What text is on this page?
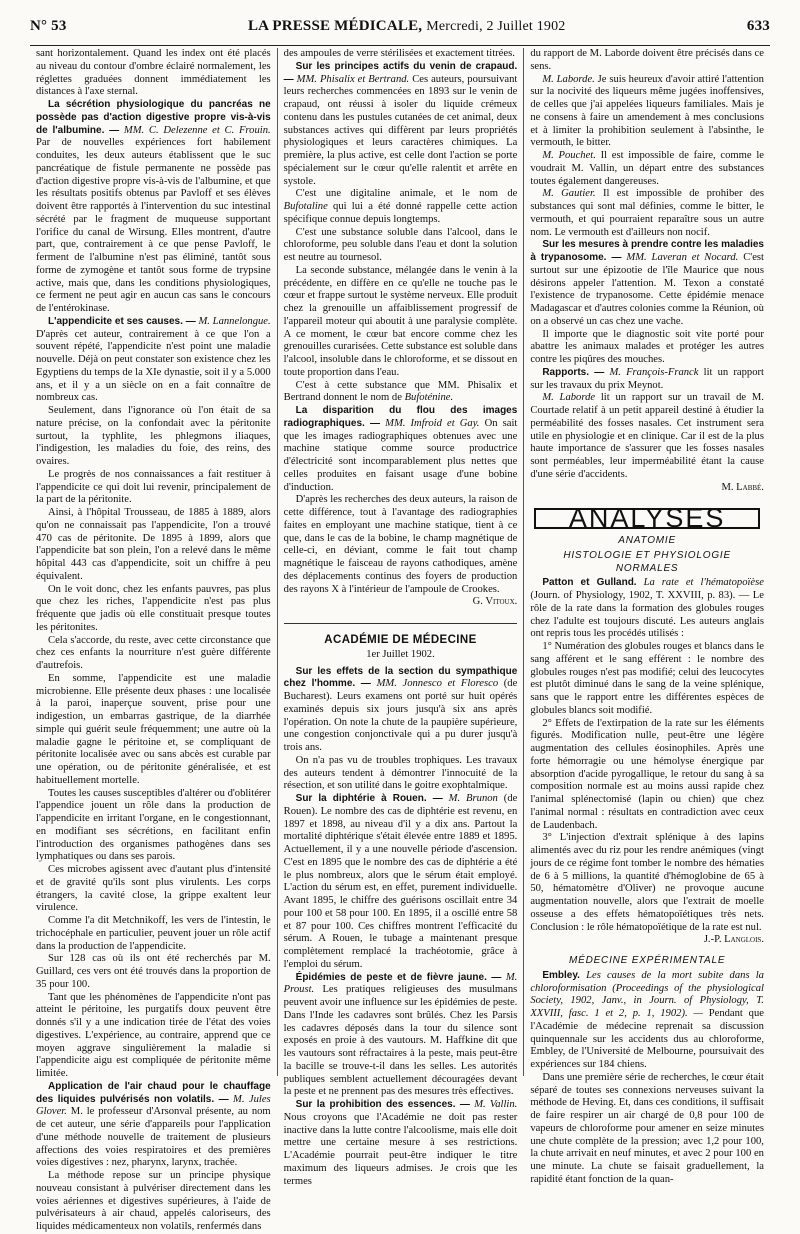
N° 53	LA PRESSE MÉDICALE, Mercredi, 2 Juillet 1902	633

sant horizontalement. Quand les index ont été placés au niveau du contour d'ombre éclairé normalement, les réglettes graduées donnent immédiatement les distances à l'axe sternal.

La sécrétion physiologique du pancréas ne possède pas d'action digestive propre vis-à-vis de l'albumine. — MM. C. Delezenne et C. Frouin. Par de nouvelles expériences fort habilement conduites, les deux auteurs établissent que le suc pancréatique de fistule permanente ne possède pas d'action digestive propre vis-à-vis de l'albumine, et que les résultats positifs obtenus par Pavloff et ses élèves doivent être rapportés à l'intervention du suc intestinal sécrété par le fragment de muqueuse supportant l'orifice du canal de Wirsung. Elles montrent, d'autre part, que, contrairement à ce que pense Pavloff, le ferment de l'albumine n'est pas éliminé, tantôt sous forme de zymogène et tantôt sous forme de trypsine active, mais que, dans les conditions physiologiques, ce ferment ne peut agir en aucun cas sans le concours de l'entérokinase.

L'appendicite et ses causes. — M. Lannelongue. D'après cet auteur, contrairement à ce que l'on a souvent répété, l'appendicite n'est point une maladie nouvelle. Déjà on peut constater son existence chez les Egyptiens du temps de la XIe dynastie, soit il y a 5.000 ans, et il y a un siècle on en a fait connaître de nombreux cas.

Seulement, dans l'ignorance où l'on était de sa nature précise, on la confondait avec la péritonite surtout, la typhlite, les phlegmons iliaques, l'indigestion, les maladies du foie, des reins, des ovaires.

Le progrès de nos connaissances a fait restituer à l'appendicite ce qui doit lui revenir, principalement de la part de la péritonite.

Ainsi, à l'hôpital Trousseau, de 1885 à 1889, alors qu'on ne connaissait pas l'appendicite, l'on a trouvé 470 cas de péritonite. De 1895 à 1899, alors que l'appendicite bat son plein, l'on a relevé dans le même hôpital 443 cas d'appendicite, soit un chiffre à peu équivalent.

On le voit donc, chez les enfants pauvres, pas plus que chez les riches, l'appendicite n'est pas plus fréquente que jadis où elle constituait presque toutes les péritonites.

Cela s'accorde, du reste, avec cette circonstance que chez ces enfants la nourriture n'est guère différente d'autrefois.

En somme, l'appendicite est une maladie microbienne. Elle présente deux phases : une localisée à la paroi, inaperçue souvent, prise pour une indigestion, un embarras gastrique, de la diarrhée simple qui guérit seule fréquemment; une autre où la maladie gagne le péritoine et, se compliquant de péritonite localisée avec ou sans abcès est curable par une opération, ou de péritonite généralisée, et est habituellement mortelle.

Toutes les causes susceptibles d'altérer ou d'oblitérer l'appendice jouent un rôle dans la production de l'appendicite en irritant l'organe, en le congestionnant, en modifiant ses sécrétions, en facilitant enfin l'introduction des organismes pathogènes dans ses lymphatiques ou dans ses parois.

Ces microbes agissent avec d'autant plus d'intensité et de gravité qu'ils sont plus virulents. Les corps étrangers, la cavité close, la grippe exaltent leur virulence.

Comme l'a dit Metchnikoff, les vers de l'intestin, le trichocéphale en particulier, peuvent jouer un rôle actif dans la production de l'appendicite.

Sur 128 cas où ils ont été recherchés par M. Guillard, ces vers ont été trouvés dans la proportion de 35 pour 100.

Tant que les phénomènes de l'appendicite n'ont pas atteint le péritoine, les purgatifs doux peuvent être donnés s'il y a une indication tirée de l'état des voies digestives. L'expérience, au contraire, apprend que ce moyen aggrave singulièrement la maladie si l'appendicite aigu est compliquée de péritonite même limitée.

Application de l'air chaud pour le chauffage des liquides pulvérisés non volatils. — M. Jules Glover. M. le professeur d'Arsonval présente, au nom de cet auteur, une série d'appareils pour l'application d'une méthode nouvelle de traitement de plusieurs affections des voies respiratoires et des premières voies digestives : nez, pharynx, larynx, trachée.

La méthode repose sur un principe physique nouveau consistant à pulvériser directement dans les voies aériennes et digestives supérieures, à l'aide de pulvérisateurs à air chaud, appelés caloriseurs, des liquides médicamenteux non volatils, renfermés dans

des ampoules de verre stérilisées et exactement titrées.

Sur les principes actifs du venin de crapaud. — MM. Phisalix et Bertrand. Ces auteurs, poursuivant leurs recherches commencées en 1893 sur le venin de crapaud, ont réussi à isoler du liquide crémeux contenu dans les pustules cutanées de cet animal, deux substances actives qui diffèrent par leurs propriétés physiologiques et leurs caractères chimiques. La première, la plus active, est celle dont l'action se porte spécialement sur le cœur qu'elle ralentit et arrête en systole.

C'est une digitaline animale, et le nom de Bufotaline qui lui a été donné rappelle cette action spécifique connue depuis longtemps.

C'est une substance soluble dans l'alcool, dans le chloroforme, peu soluble dans l'eau et dont la solution est neutre au tournesol.

La seconde substance, mélangée dans le venin à la précédente, en diffère en ce qu'elle ne touche pas le cœur et frappe surtout le système nerveux. Elle produit chez la grenouille un affaiblissement progressif de l'appareil moteur qui aboutit à une paralysie complète. A ce moment, le cœur bat encore comme chez les grenouilles curarisées. Cette substance est soluble dans l'alcool, insoluble dans le chloroforme, et se dissout en toute proportion dans l'eau.

C'est à cette substance que MM. Phisalix et Bertrand donnent le nom de Bufoténine.

La disparition du flou des images radiographiques. — MM. Imfroid et Gay. On sait que les images radiographiques obtenues avec une machine statique comme source productrice d'électricité sont incomparablement plus nettes que celles produites en faisant usage d'une bobine d'induction.

D'après les recherches des deux auteurs, la raison de cette différence, tout à l'avantage des radiographies faites en employant une machine statique, tient à ce que, dans le cas de la bobine, le champ magnétique de celle-ci, en déviant, comme le fait tout champ magnétique le faisceau de rayons cathodiques, amène des déplacements continus des foyers de production des rayons X à l'intérieur de l'ampoule de Crookes.

G. Vitoux.

ACADÉMIE DE MÉDECINE

1er Juillet 1902.

Sur les effets de la section du sympathique chez l'homme. — MM. Jonnesco et Floresco (de Bucharest). Leurs examens ont porté sur huit opérés examinés depuis six jours jusqu'à six ans après l'opération. On note la chute de la paupière supérieure, une congestion conjonctivale qui a pu durer jusqu'à trois ans.

On n'a pas vu de troubles trophiques. Les travaux des auteurs tendent à démontrer l'innocuité de la résection, et son utilité dans le goitre exophtalmique.

Sur la diphtérie à Rouen. — M. Brunon (de Rouen). Le nombre des cas de diphtérie est revenu, en 1897 et 1898, au niveau d'il y a dix ans. Partout la mortalité diphtérique s'était élevée entre 1889 et 1895. Actuellement, il y a une nouvelle période d'ascension. C'est en 1895 que le nombre des cas de diphtérie a été le plus nombreux, alors que le sérum était employé. L'action du sérum est, en effet, purement individuelle. Avant 1895, le chiffre des guérisons oscillait entre 34 pour 100 et 58 pour 100. En 1895, il a oscillé entre 58 et 87 pour 100. Ces chiffres montrent l'efficacité du sérum. A Rouen, le tubage a maintenant presque complètement remplacé la trachéotomie, grâce à l'emploi du sérum.

Épidémies de peste et de fièvre jaune. — M. Proust. Les pratiques religieuses des musulmans peuvent avoir une influence sur les épidémies de peste. Dans l'Inde les cadavres sont brûlés. Chez les Parsis les cadavres déposés dans la tour du silence sont exposés en proie à des vautours. M. Haffkine dit que les vautours sont réfractaires à la peste, mais peut-être la bacille se trouve-t-il dans les selles. Les autorités publiques semblent actuellement découragées devant la peste et ne prennent pas des mesures très effectives.

Sur la prohibition des essences. — M. Vallin. Nous croyons que l'Académie ne doit pas rester inactive dans la lutte contre l'alcoolisme, mais elle doit mettre une certaine mesure à ses restrictions. L'Académie pourrait peut-être indiquer le titre maximum des liqueurs admises. Je crois que les termes

du rapport de M. Laborde doivent être précisés dans ce sens.

M. Laborde. Je suis heureux d'avoir attiré l'attention sur la nocivité des liqueurs même jugées inoffensives, de celles que j'ai appelées liqueurs familiales. Mais je ne consens à faire un amendement à mes conclusions et à limiter la prohibition seulement à l'absinthe, le vermouth, le bitter.

M. Pouchet. Il est impossible de faire, comme le voudrait M. Vallin, un départ entre des substances toutes également dangereuses.

M. Gautier. Il est impossible de prohiber des substances qui sont mal définies, comme le bitter, le vermouth, et qui pourraient reparaître sous un autre nom. Le vermouth est d'ailleurs non nocif.

Sur les mesures à prendre contre les maladies à trypanosome. — MM. Laveran et Nocard. C'est surtout sur une épizootie de l'île Maurice que nous désirons appeler l'attention. M. Texon a constaté l'existence de trypanosome. Cette épidémie menace Madagascar et d'autres colonies comme la Réunion, où on a observé un cas chez une vache.

Il importe que le diagnostic soit vite porté pour abattre les animaux malades et protéger les autres contre les piqûres des mouches.

Rapports. — M. François-Franck lit un rapport sur les travaux du prix Meynot.

M. Laborde lit un rapport sur un travail de M. Courtade relatif à un petit appareil destiné à étudier la perméabilité des fosses nasales. Cet instrument sera utile en physiologie et en clinique. Car il est de la plus haute importance de s'assurer que les fosses nasales sont perméables, leur imperméabilité étant la cause d'une série d'accidents.

M. Labbé.

ANALYSES
ANATOMIE
HISTOLOGIE ET PHYSIOLOGIE NORMALES

Patton et Gulland. La rate et l'hématopoïèse (Journ. of Physiology, 1902, T. XXVIII, p. 83). — Le rôle de la rate dans la formation des globules rouges chez l'adulte est toujours discuté. Les auteurs anglais ont repris tous les procédés utilisés :

1° Numération des globules rouges et blancs dans le sang afférent et le sang efférent : le nombre des globules rouges n'est pas modifié; celui des leucocytes est plutôt diminué dans le sang de la veine splénique, sans que le rapport entre les différentes espèces de globules blancs soit modifié.

2° Effets de l'extirpation de la rate sur les éléments figurés. Modification nulle, peut-être une légère augmentation des cellules éosinophiles. Après une forte hémorragie ou une hémolyse énergique par absorption d'acide pyrogallique, le retour du sang à sa composition normale est au moins aussi rapide chez l'animal splénectomisé (lapin ou chien) que chez l'animal normal : résultats en contradiction avec ceux de Laudenbach.

3° L'injection d'extrait splénique à des lapins alimentés avec du riz pour les rendre anémiques (vingt jours de ce régime font tomber le nombre des hématies de 6 à 5 millions, la quantité d'hémoglobine de 65 à 50, hématomètre d'Oliver) ne provoque aucune augmentation nouvelle, alors que l'extrait de moelle osseuse a des effets hématopoïétiques très nets. Conclusion : le rôle hématopoïétique de la rate est nul.

J.-P. Langlois.

MÉDECINE EXPÉRIMENTALE

Embley. Les causes de la mort subite dans la chloroformisation (Proceedings of the physiological Society, 1902, Janv., in Journ. of Physiology, T. XXVIII, fasc. 1 et 2, p. 1, 1902). — Pendant que l'Académie de médecine reprenait sa discussion quinquennale sur les accidents dus au chloroforme, Embley, de l'Université de Melbourne, poursuivait des expériences sur 184 chiens.

Dans une première série de recherches, le cœur était séparé de toutes ses connexions nerveuses suivant la méthode de Heving. Et, dans ces conditions, il suffisait de faire respirer un air chargé de 0,8 pour 100 de vapeurs de chloroforme pour amener en seize minutes une chute complète de la pression; avec 1,2 pour 100, la chute arrivait en neuf minutes, et avec 2 pour 100 en une minute. La chute se faisait graduellement, la rapidité étant fonction de la quan-
